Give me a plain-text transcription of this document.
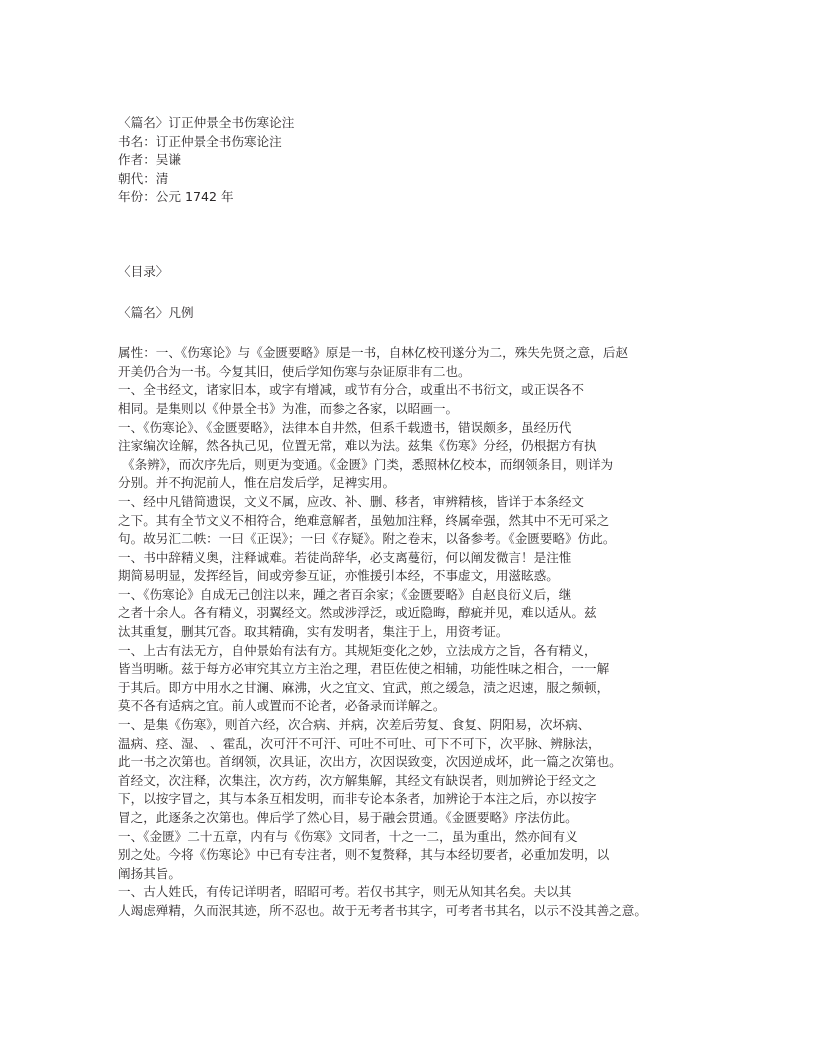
〈篇名〉订正仲景全书伤寒论注
书名：订正仲景全书伤寒论注
作者：吴谦
朝代：清
年份：公元 1742 年
〈目录〉
〈篇名〉凡例
属性：一、《伤寒论》与《金匮要略》原是一书，自林亿校刊遂分为二，殊失先贤之意，后赵
开美仍合为一书。今复其旧，使后学知伤寒与杂证原非有二也。
一、全书经文，诸家旧本，或字有增减，或节有分合，或重出不书衍文，或正误各不
相同。是集则以《仲景全书》为准，而参之各家，以昭画一。
一、《伤寒论》、《金匮要略》，法律本自井然，但系千载遗书，错误颇多，虽经历代
注家编次诠解，然各执己见，位置无常，难以为法。兹集《伤寒》分经，仍根据方有执
《条辨》，而次序先后，则更为变通。《金匮》门类，悉照林亿校本，而纲领条目，则详为
分别。并不拘泥前人，惟在启发后学，足裨实用。
一、经中凡错简遗误，文义不属，应改、补、删、移者，审辨精核，皆详于本条经文
之下。其有全节文义不相符合，绝难意解者，虽勉加注释，终属牵强，然其中不无可采之
句。故另汇二帙：一曰《正误》；一曰《存疑》。附之卷末，以备参考。《金匮要略》仿此。
一、书中辞精义奥，注释诚难。若徒尚辞华，必支离蔓衍，何以阐发微言！是注惟
期简易明显，发挥经旨，间或旁参互证，亦惟援引本经，不事虚文，用滋眩惑。
一、《伤寒论》自成无己创注以来，踵之者百余家；《金匮要略》自赵良衍义后，继
之者十余人。各有精义，羽翼经文。然或涉浮泛，或近隐晦，醇疵并见，难以适从。兹
汰其重复，删其冗沓。取其精确，实有发明者，集注于上，用资考证。
一、上古有法无方，自仲景始有法有方。其规矩变化之妙，立法成方之旨，各有精义，
皆当明晰。兹于每方必审究其立方主治之理，君臣佐使之相辅，功能性味之相合，一一解
于其后。即方中用水之甘澜、麻沸，火之宜文、宜武，煎之缓急，渍之迟速，服之频顿，
莫不各有适病之宜。前人或置而不论者，必备录而详解之。
一、是集《伤寒》，则首六经，次合病、并病，次差后劳复、食复、阴阳易，次坏病、
温病、痉、湿、 、霍乱，次可汗不可汗、可吐不可吐、可下不可下，次平脉、辨脉法，
此一书之次第也。首纲领，次具证，次出方，次因误致变，次因逆成坏，此一篇之次第也。
首经文，次注释，次集注，次方药，次方解集解，其经文有缺误者，则加辨论于经文之
下，以按字冒之，其与本条互相发明，而非专论本条者，加辨论于本注之后，亦以按字
冒之，此逐条之次第也。俾后学了然心目，易于融会贯通。《金匮要略》序法仿此。
一、《金匮》二十五章，内有与《伤寒》文同者，十之一二，虽为重出，然亦间有义
别之处。今将《伤寒论》中已有专注者，则不复赘释，其与本经切要者，必重加发明，以
阐扬其旨。
一、古人姓氏，有传记详明者，昭昭可考。若仅书其字，则无从知其名矣。夫以其
人竭虑殚精，久而泯其迹，所不忍也。故于无考者书其字，可考者书其名，以示不没其善之意。
